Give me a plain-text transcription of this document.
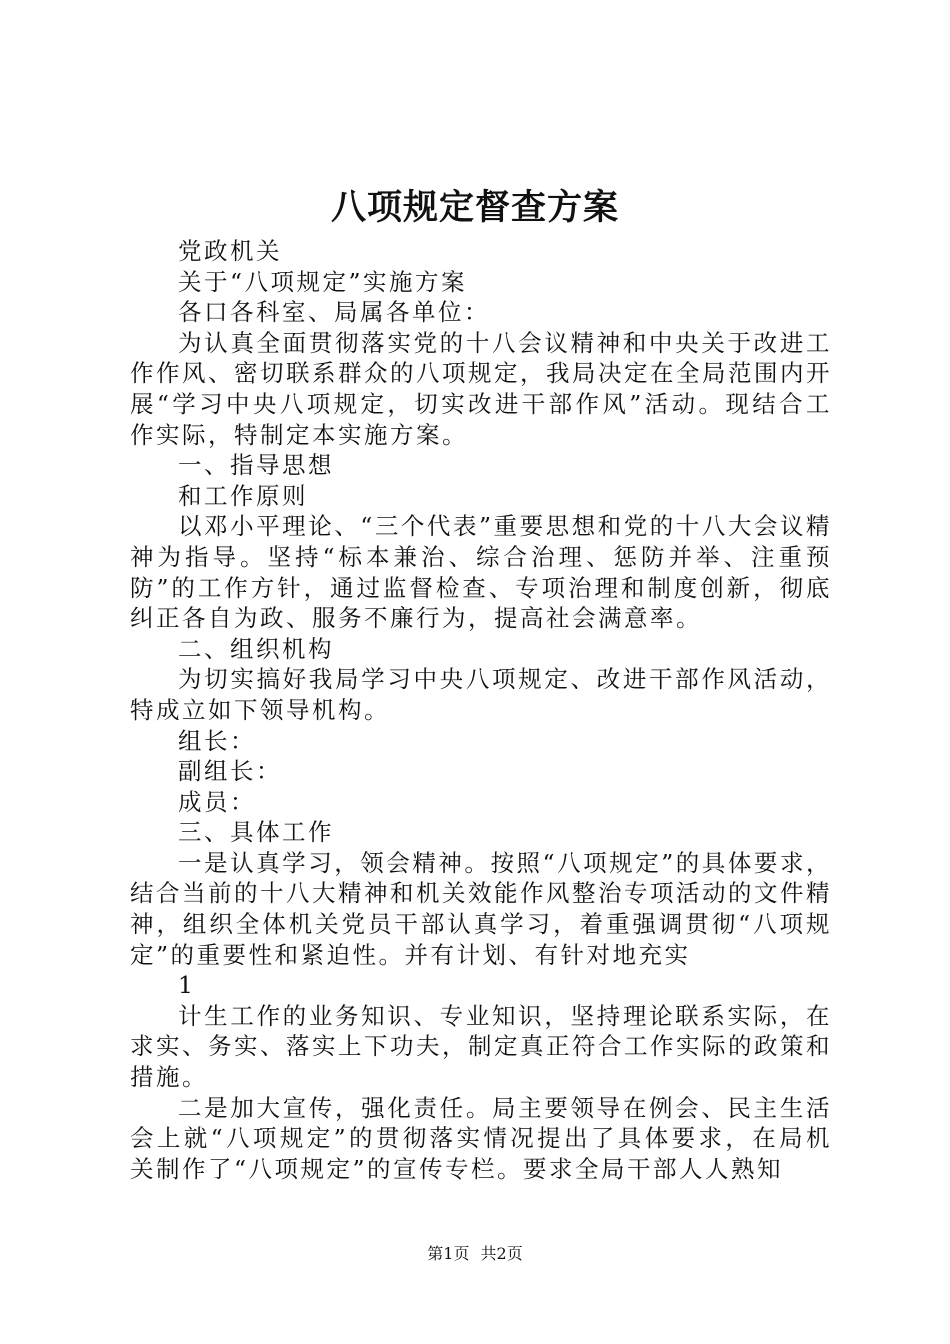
八项规定督查方案

党政机关

关于“八项规定”实施方案

各口各科室、局属各单位：

为认真全面贯彻落实党的十八会议精神和中央关于改进工作作风、密切联系群众的八项规定，我局决定在全局范围内开展“学习中央八项规定，切实改进干部作风”活动。现结合工作实际，特制定本实施方案。

一、指导思想

和工作原则

以邓小平理论、“三个代表”重要思想和党的十八大会议精神为指导。坚持“标本兼治、综合治理、惩防并举、注重预防”的工作方针，通过监督检查、专项治理和制度创新，彻底纠正各自为政、服务不廉行为，提高社会满意率。

二、组织机构

为切实搞好我局学习中央八项规定、改进干部作风活动，特成立如下领导机构。

组长：

副组长：

成员：

三、具体工作

一是认真学习，领会精神。按照“八项规定”的具体要求，结合当前的十八大精神和机关效能作风整治专项活动的文件精神，组织全体机关党员干部认真学习，着重强调贯彻“八项规定”的重要性和紧迫性。并有计划、有针对地充实

1

计生工作的业务知识、专业知识，坚持理论联系实际，在求实、务实、落实上下功夫，制定真正符合工作实际的政策和措施。

二是加大宣传，强化责任。局主要领导在例会、民主生活会上就“八项规定”的贯彻落实情况提出了具体要求，在局机关制作了“八项规定”的宣传专栏。要求全局干部人人熟知

第1页 共2页
